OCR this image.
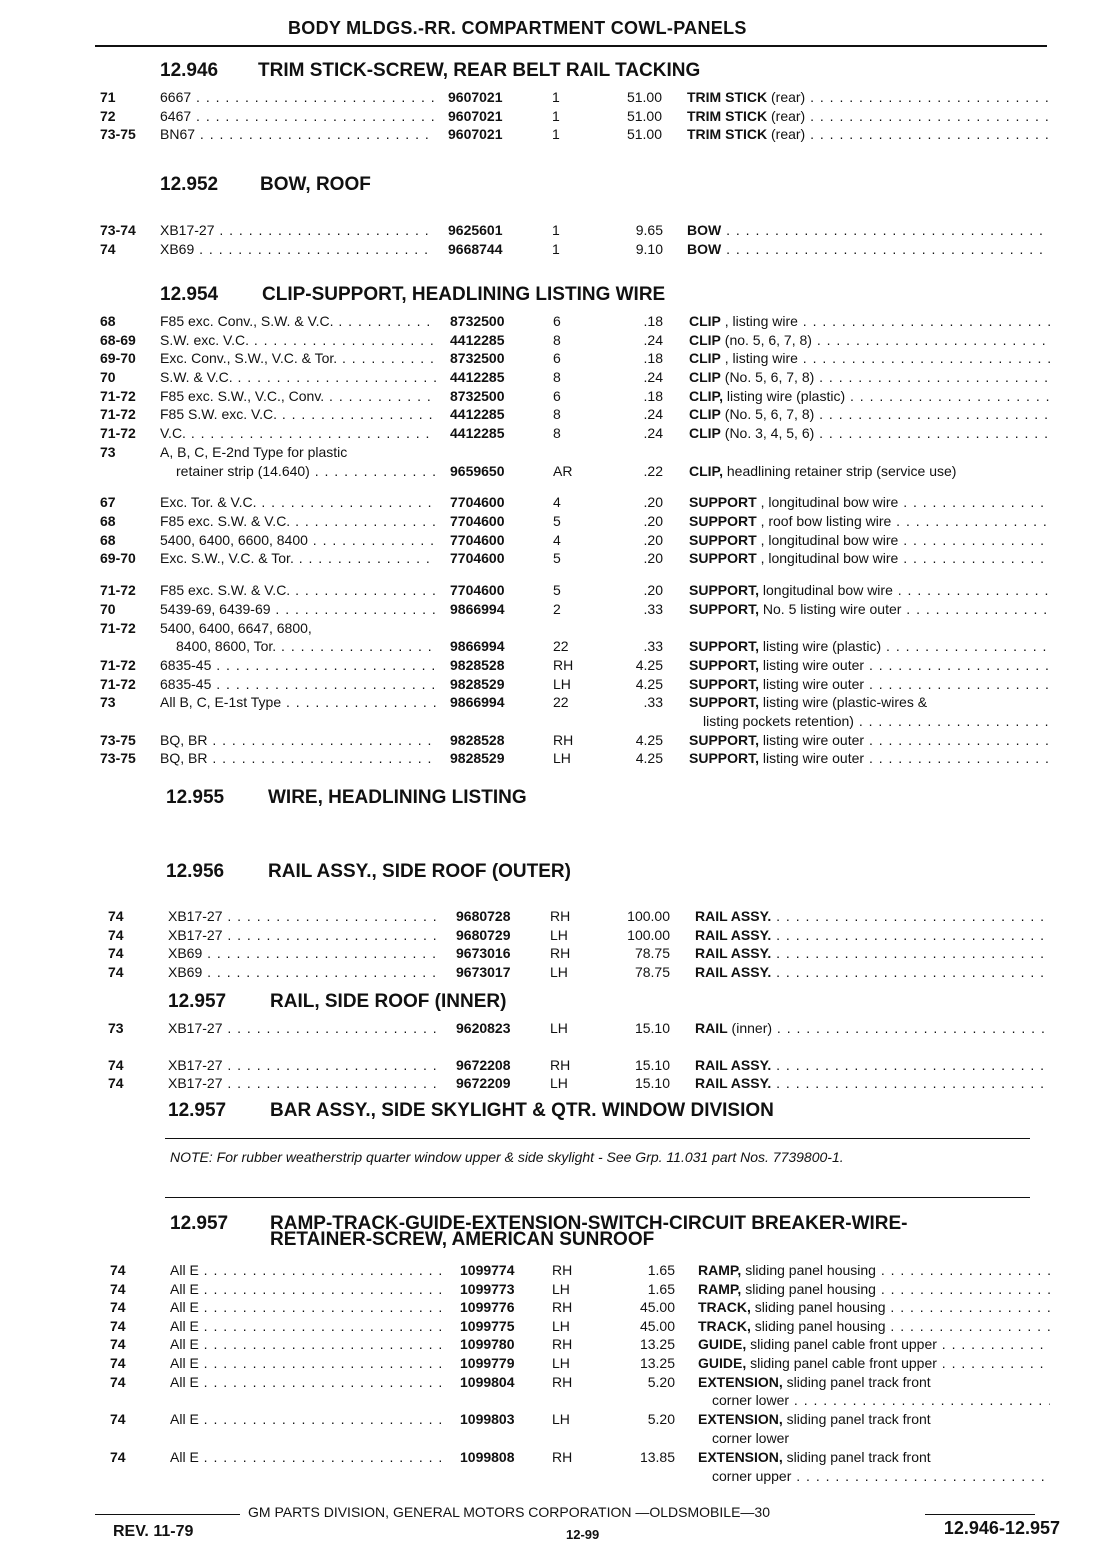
BODY MLDGS.-RR. COMPARTMENT COWL-PANELS
12.946 TRIM STICK-SCREW, REAR BELT RAIL TACKING
71	6667 . . .	9607021	1	51.00 TRIM STICK (rear) . . .
72	6467 . . .	9607021	1	51.00 TRIM STICK (rear) . . .
73-75	BN67 . . .	9607021	1	51.00 TRIM STICK (rear) . . .
12.952 BOW, ROOF
73-74	XB17-27 . . .	9625601	1	9.65 BOW . . .
74	XB69 . . .	9668744	1	9.10 BOW . . .
12.954 CLIP-SUPPORT, HEADLINING LISTING WIRE
68	F85 exc. Conv., S.W. & V.C. . . .	8732500	6	.18 CLIP , listing wire . . .
68-69	S.W. exc. V.C. . . .	4412285	8	.24 CLIP (no. 5, 6, 7, 8) . . .
69-70	Exc. Conv., S.W., V.C. & Tor. . . .	8732500	6	.18 CLIP , listing wire . . .
70	S.W. & V.C. . . .	4412285	8	.24 CLIP (No. 5, 6, 7, 8) . . .
71-72	F85 exc. S.W., V.C., Conv. . . .	8732500	6	.18 CLIP, listing wire (plastic) . . .
71-72	F85 S.W. exc. V.C. . . .	4412285	8	.24 CLIP (No. 5, 6, 7, 8) . . .
71-72	V.C. . . .	4412285	8	.24 CLIP (No. 3, 4, 5, 6) . . .
73	A, B, C, E-2nd Type for plastic
retainer strip (14.640) . . .	9659650	AR	.22 CLIP, headlining retainer strip (service use)
67	Exc. Tor. & V.C. . . .	7704600	4	.20 SUPPORT , longitudinal bow wire . . .
68	F85 exc. S.W. & V.C. . . .	7704600	5	.20 SUPPORT , roof bow listing wire . . .
68	5400, 6400, 6600, 8400 . . .	7704600	4	.20 SUPPORT , longitudinal bow wire . . .
69-70	Exc. S.W., V.C. & Tor. . . .	7704600	5	.20 SUPPORT , longitudinal bow wire . . .
71-72	F85 exc. S.W. & V.C. . . .	7704600	5	.20 SUPPORT, longitudinal bow wire . . .
70	5439-69, 6439-69 . . .	9866994	2	.33 SUPPORT, No. 5 listing wire outer . . .
71-72	5400, 6400, 6647, 6800,
8400, 8600, Tor. . . .	9866994	22	.33 SUPPORT, listing wire (plastic) . . .
71-72	6835-45 . . .	9828528	RH	4.25 SUPPORT, listing wire outer . . .
71-72	6835-45 . . .	9828529	LH	4.25 SUPPORT, listing wire outer . . .
73	All B, C, E-1st Type . . .	9866994	22	.33 SUPPORT, listing wire (plastic-wires &
listing pockets retention) . . .
73-75	BQ, BR . . .	9828528	RH	4.25 SUPPORT, listing wire outer . . .
73-75	BQ, BR . . .	9828529	LH	4.25 SUPPORT, listing wire outer . . .
12.955 WIRE, HEADLINING LISTING
12.956 RAIL ASSY., SIDE ROOF (OUTER)
74	XB17-27 . . .	9680728	RH	100.00 RAIL ASSY. . . .
74	XB17-27 . . .	9680729	LH	100.00 RAIL ASSY. . . .
74	XB69 . . .	9673016	RH	78.75 RAIL ASSY. . . .
74	XB69 . . .	9673017	LH	78.75 RAIL ASSY. . . .
12.957 RAIL, SIDE ROOF (INNER)
73	XB17-27 . . .	9620823	LH	15.10 RAIL (inner) . . .
74	XB17-27 . . .	9672208	RH	15.10 RAIL ASSY. . . .
74	XB17-27 . . .	9672209	LH	15.10 RAIL ASSY. . . .
12.957 BAR ASSY., SIDE SKYLIGHT & QTR. WINDOW DIVISION
12.957 RAMP-TRACK-GUIDE-EXTENSION-SWITCH-CIRCUIT BREAKER-WIRE-
RETAINER-SCREW, AMERICAN SUNROOF
74	All E . . .	1099774	RH	1.65 RAMP, sliding panel housing . . .
74	All E . . .	1099773	LH	1.65 RAMP, sliding panel housing . . .
74	All E . . .	1099776	RH	45.00 TRACK, sliding panel housing . . .
74	All E . . .	1099775	LH	45.00 TRACK, sliding panel housing . . .
74	All E . . .	1099780	RH	13.25 GUIDE, sliding panel cable front upper . . .
74	All E . . .	1099779	LH	13.25 GUIDE, sliding panel cable front upper . . .
74	All E . . .	1099804	RH	5.20 EXTENSION, sliding panel track front
corner lower . . .
74	All E . . .	1099803	LH	5.20 EXTENSION, sliding panel track front
corner lower
74	All E . . .	1099808	RH	13.85 EXTENSION, sliding panel track front
corner upper . . .
NOTE: For rubber weatherstrip quarter window upper & side skylight - See Grp. 11.031 part Nos. 7739800-1.
GM PARTS DIVISION, GENERAL MOTORS CORPORATION —OLDSMOBILE—30
REV. 11-79	12-99	12.946-12.957
